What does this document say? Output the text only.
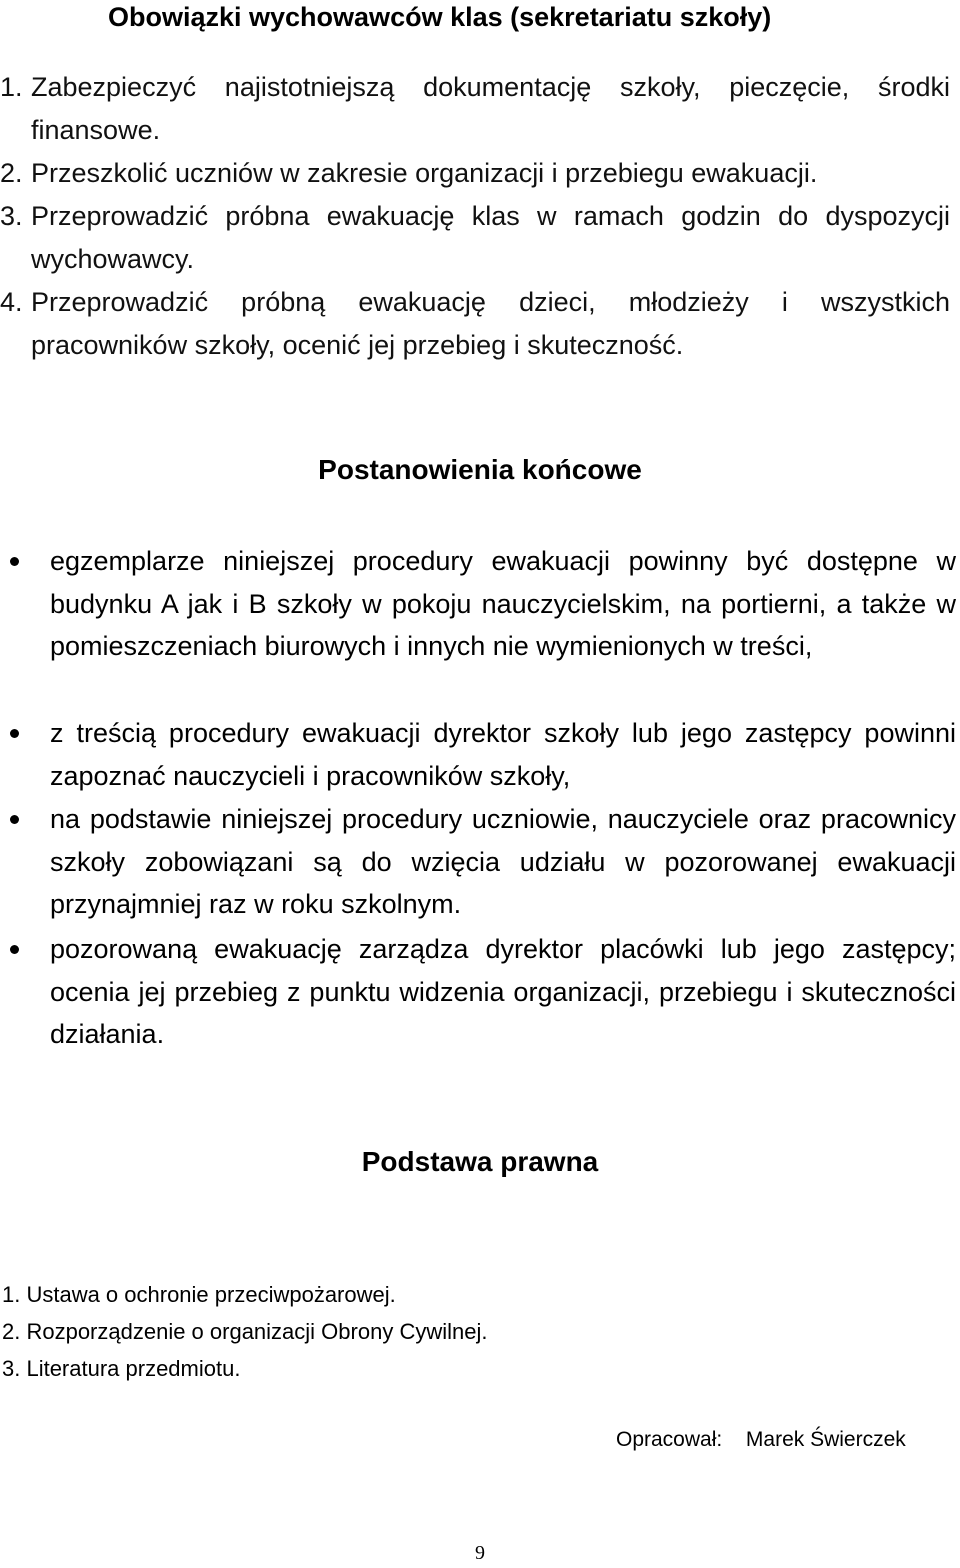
Obowiązki wychowawców klas (sekretariatu szkoły)
1. Zabezpieczyć najistotniejszą dokumentację szkoły, pieczęcie, środki finansowe.
2. Przeszkolić uczniów w zakresie organizacji i przebiegu ewakuacji.
3. Przeprowadzić próbna ewakuację klas w ramach godzin do dyspozycji wychowawcy.
4. Przeprowadzić próbną ewakuację dzieci, młodzieży i wszystkich pracowników szkoły, ocenić jej przebieg i skuteczność.
Postanowienia końcowe
egzemplarze niniejszej procedury ewakuacji powinny być dostępne w budynku A jak i B szkoły w pokoju nauczycielskim, na portierni, a także w pomieszczeniach biurowych i innych nie wymienionych w treści,
z treścią procedury ewakuacji dyrektor szkoły lub jego zastępcy powinni zapoznać nauczycieli i pracowników szkoły,
na podstawie niniejszej procedury uczniowie, nauczyciele oraz pracownicy szkoły zobowiązani są do wzięcia udziału w pozorowanej ewakuacji przynajmniej raz w roku szkolnym.
pozorowaną ewakuację zarządza dyrektor placówki lub jego zastępcy; ocenia jej przebieg z punktu widzenia organizacji, przebiegu i skuteczności działania.
Podstawa prawna
1. Ustawa o ochronie przeciwpożarowej.
2. Rozporządzenie o organizacji Obrony Cywilnej.
3. Literatura przedmiotu.
Opracował: Marek Świerczek
9
